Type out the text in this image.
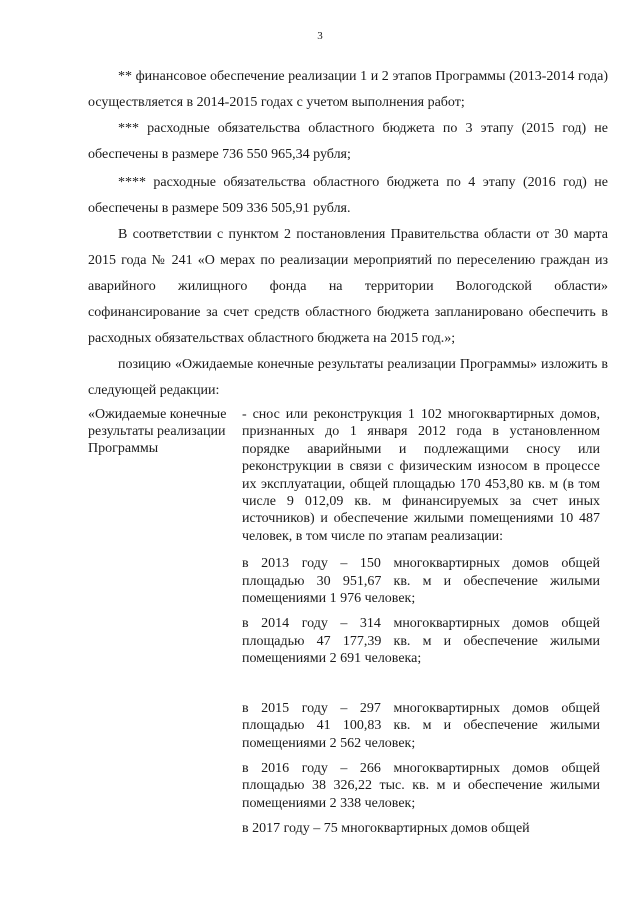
3

** финансовое обеспечение реализации 1 и 2 этапов Программы (2013-2014 года) осуществляется в 2014-2015 годах с учетом выполнения работ;

*** расходные обязательства областного бюджета по 3 этапу (2015 год) не обеспечены в размере 736 550 965,34 рубля;

**** расходные обязательства областного бюджета по 4 этапу (2016 год) не обеспечены в размере 509 336 505,91 рубля.

В соответствии с пунктом 2 постановления Правительства области от 30 марта 2015 года № 241 «О мерах по реализации мероприятий по переселению граждан из аварийного жилищного фонда на территории Вологодской области» софинансирование за счет средств областного бюджета запланировано обеспечить в расходных обязательствах областного бюджета на 2015 год.»;

позицию «Ожидаемые конечные результаты реализации Программы» изложить в следующей редакции:

«Ожидаемые конечные результаты реализации Программы

- снос или реконструкция 1 102 многоквартирных домов, признанных до 1 января 2012 года в установленном порядке аварийными и подлежащими сносу или реконструкции в связи с физическим износом в процессе их эксплуатации, общей площадью 170 453,80 кв. м (в том числе 9 012,09 кв. м финансируемых за счет иных источников) и обеспечение жилыми помещениями 10 487 человек, в том числе по этапам реализации:

в 2013 году – 150 многоквартирных домов общей площадью 30 951,67 кв. м и обеспечение жилыми помещениями 1 976 человек;

в 2014 году – 314 многоквартирных домов общей площадью 47 177,39 кв. м и обеспечение жилыми помещениями 2 691 человека;

в 2015 году – 297 многоквартирных домов общей площадью 41 100,83 кв. м и обеспечение жилыми помещениями 2 562 человек;

в 2016 году – 266 многоквартирных домов общей площадью 38 326,22 тыс. кв. м и обеспечение жилыми помещениями 2 338 человек;

в 2017 году – 75 многоквартирных домов общей
